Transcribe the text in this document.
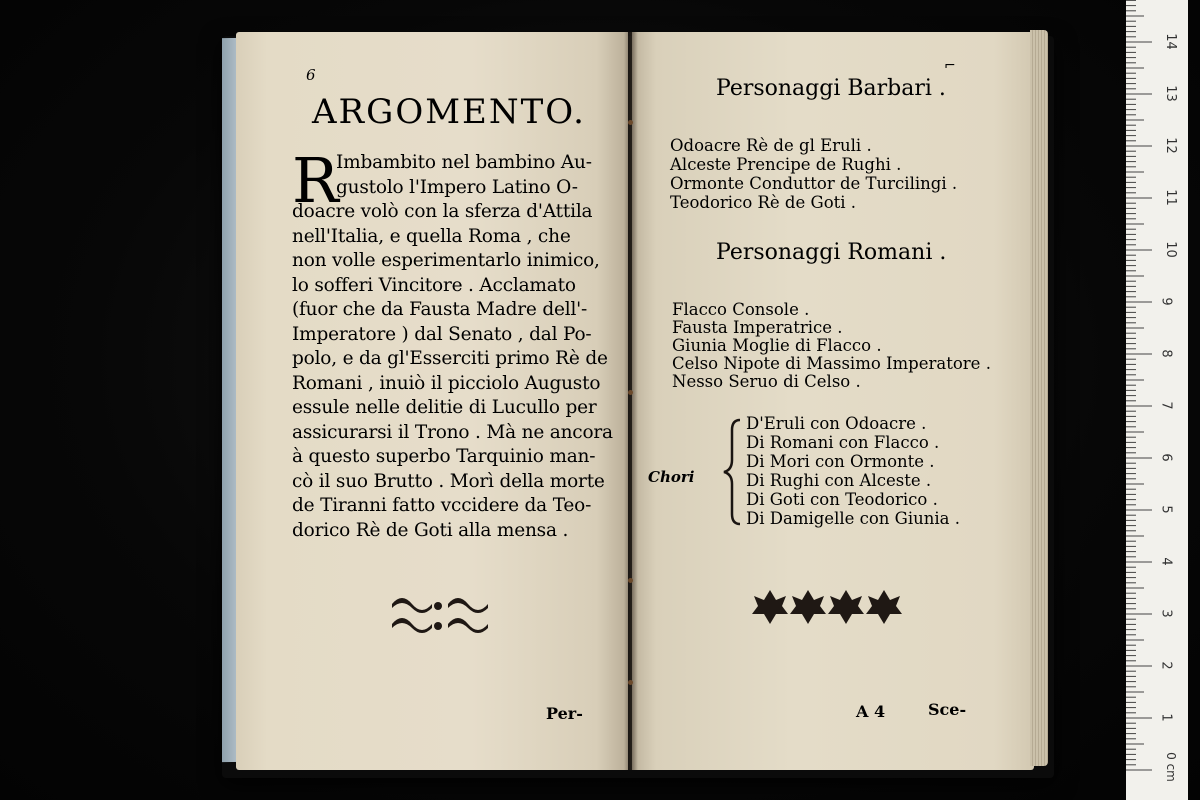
6
ARGOMENTO.
R
Imbambito nel bambino Au-
gustolo l'Impero Latino O-
doacre volò con la sferza d'Attila
nell'Italia, e quella Roma , che
non volle esperimentarlo inimico,
lo sofferi Vincitore . Acclamato
(fuor che da Fausta Madre dell'-
Imperatore ) dal Senato , dal Po-
polo, e da gl'Esserciti primo Rè de
Romani , inuiò il picciolo Augusto
essule nelle delitie di Lucullo per
assicurarsi il Trono . Mà ne ancora
à questo superbo Tarquinio man-
cò il suo Brutto . Morì della morte
de Tiranni fatto vccidere da Teo-
dorico Rè de Goti alla mensa .
Per-
⌐
Personaggi Barbari .
Odoacre Rè de gl Eruli .
Alceste Prencipe de Rughi .
Ormonte Conduttor de Turcilingi .
Teodorico Rè de Goti .
Personaggi Romani .
Flacco Console .
Fausta Imperatrice .
Giunia Moglie di Flacco .
Celso Nipote di Massimo Imperatore .
Nesso Seruo di Celso .
Chori
D'Eruli con Odoacre .
Di Romani con Flacco .
Di Mori con Ormonte .
Di Rughi con Alceste .
Di Goti con Teodorico .
Di Damigelle con Giunia .
A 4	Sce-	1
2
3
4
5
6
7
8
9
10
11
12
13
14
0 cm
